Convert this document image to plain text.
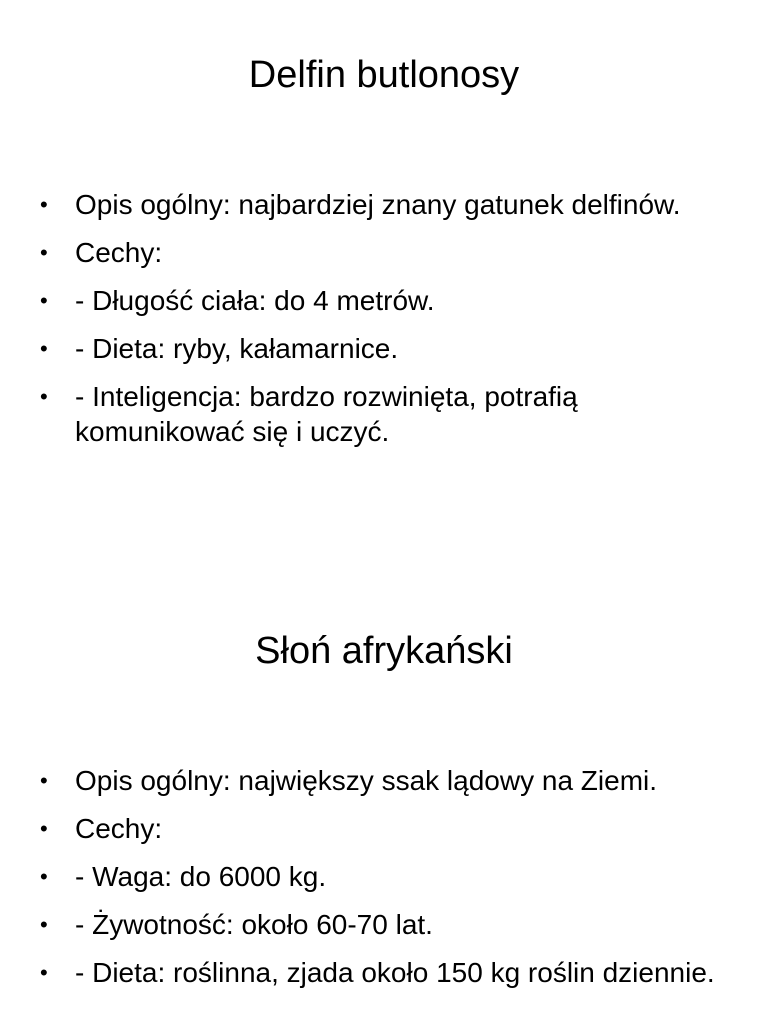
Delfin butlonosy
• Opis ogólny: najbardziej znany gatunek delfinów.
• Cechy:
• - Długość ciała: do 4 metrów.
• - Dieta: ryby, kałamarnice.
• - Inteligencja: bardzo rozwinięta, potrafią komunikować się i uczyć.
Słoń afrykański
• Opis ogólny: największy ssak lądowy na Ziemi.
• Cechy:
• - Waga: do 6000 kg.
• - Żywotność: około 60-70 lat.
• - Dieta: roślinna, zjada około 150 kg roślin dziennie.
